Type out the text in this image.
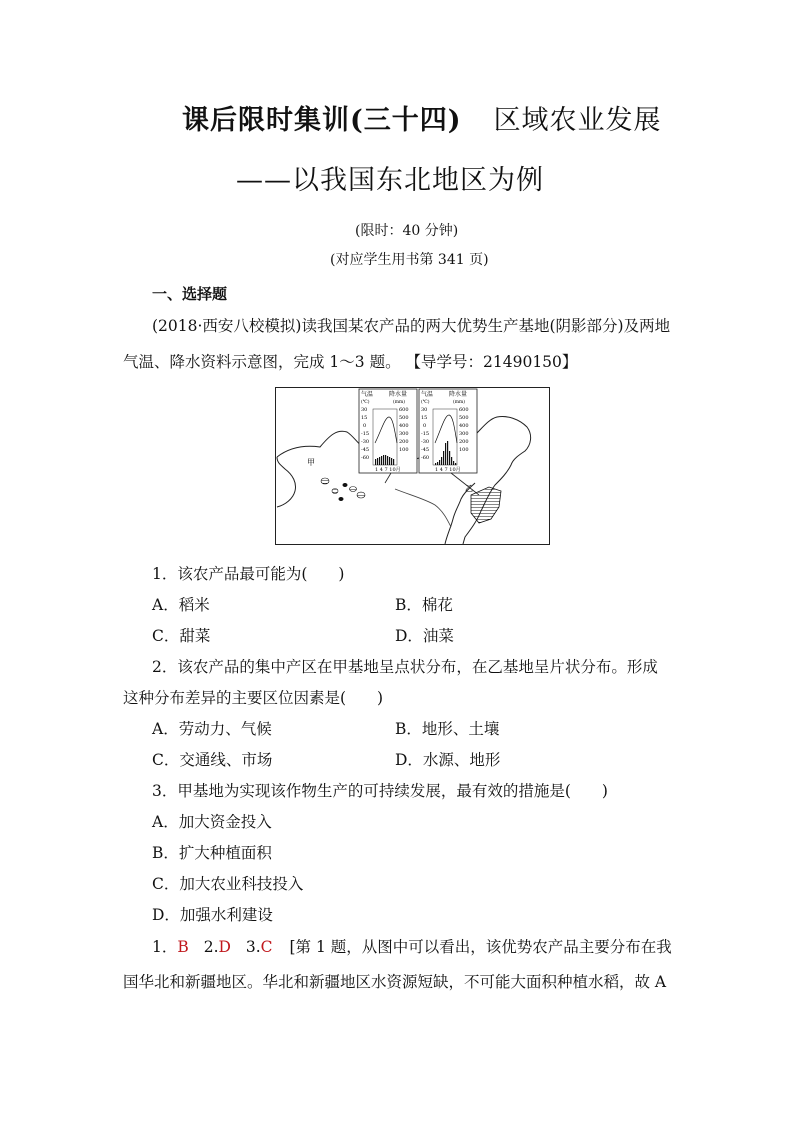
课后限时集训(三十四) 区域农业发展
——以我国东北地区为例
(限时：40 分钟)
(对应学生用书第 341 页)
一、选择题
(2018·西安八校模拟)读我国某农产品的两大优势生产基地(阴影部分)及两地
气温、降水资料示意图，完成 1～3 题。 【导学号：21490150】
气温	降水量
(℃)	(mm)
30
15
0
-15
-30
-45
-60
600
500
400
300
200
100
1 4 7 10月
气温	降水量
(℃)	(mm)
30
15
0
-15
-30
-45
-60
600
500
400
300
200
100
1 4 7 10月
甲
乙
1．该农产品最可能为(　　)
A．稻米	B．棉花
C．甜菜	D．油菜
2．该农产品的集中产区在甲基地呈点状分布，在乙基地呈片状分布。形成
这种分布差异的主要区位因素是(　　)
A．劳动力、气候	B．地形、土壤
C．交通线、市场	D．水源、地形
3．甲基地为实现该作物生产的可持续发展，最有效的措施是(　　)
A．加大资金投入
B．扩大种植面积
C．加大农业科技投入
D．加强水利建设
1．B 2.D 3.C [第 1 题，从图中可以看出，该优势农产品主要分布在我
国华北和新疆地区。华北和新疆地区水资源短缺，不可能大面积种植水稻，故 A
